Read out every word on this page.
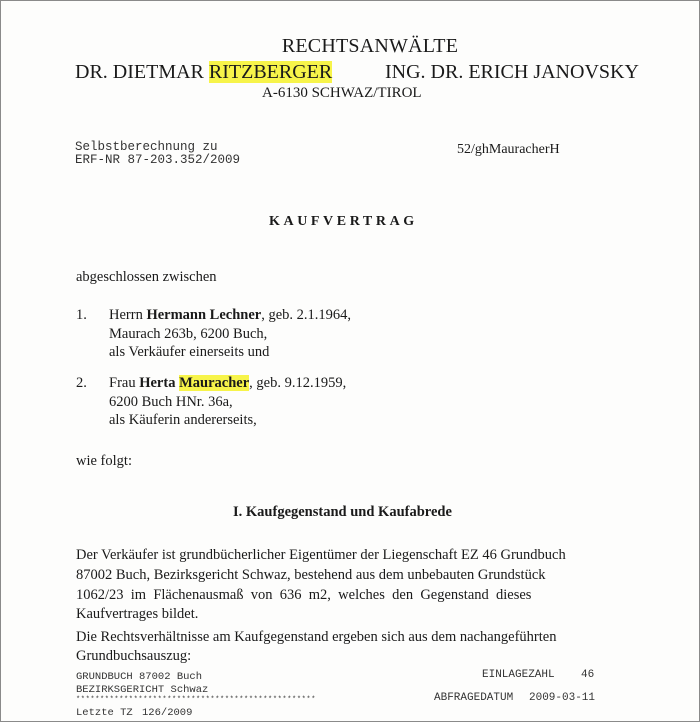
RECHTSANWÄLTE
DR. DIETMAR RITZBERGER	ING. DR. ERICH JANOVSKY
A-6130 SCHWAZ/TIROL
Selbstberechnung zu
ERF-NR 87-203.352/2009
52/ghMauracherH
KAUFVERTRAG
abgeschlossen zwischen
1. Herrn Hermann Lechner, geb. 2.1.1964,
Maurach 263b, 6200 Buch,
als Verkäufer einerseits und
2. Frau Herta Mauracher, geb. 9.12.1959,
6200 Buch HNr. 36a,
als Käuferin andererseits,
wie folgt:
I. Kaufgegenstand und Kaufabrede
Der Verkäufer ist grundbücherlicher Eigentümer der Liegenschaft EZ 46 Grundbuch
87002 Buch, Bezirksgericht Schwaz, bestehend aus dem unbebauten Grundstück
1062/23  im  Flächenausmaß  von  636  m2,  welches  den  Gegenstand  dieses
Kaufvertrages bildet.
Die Rechtsverhältnisse am Kaufgegenstand ergeben sich aus dem nachangeführten
Grundbuchsauszug:
GRUNDBUCH 87002 Buch	EINLAGEZAHL 46
BEZIRKSGERICHT Schwaz
**************************************************	ABFRAGEDATUM 2009-03-11
Letzte TZ 126/2009
